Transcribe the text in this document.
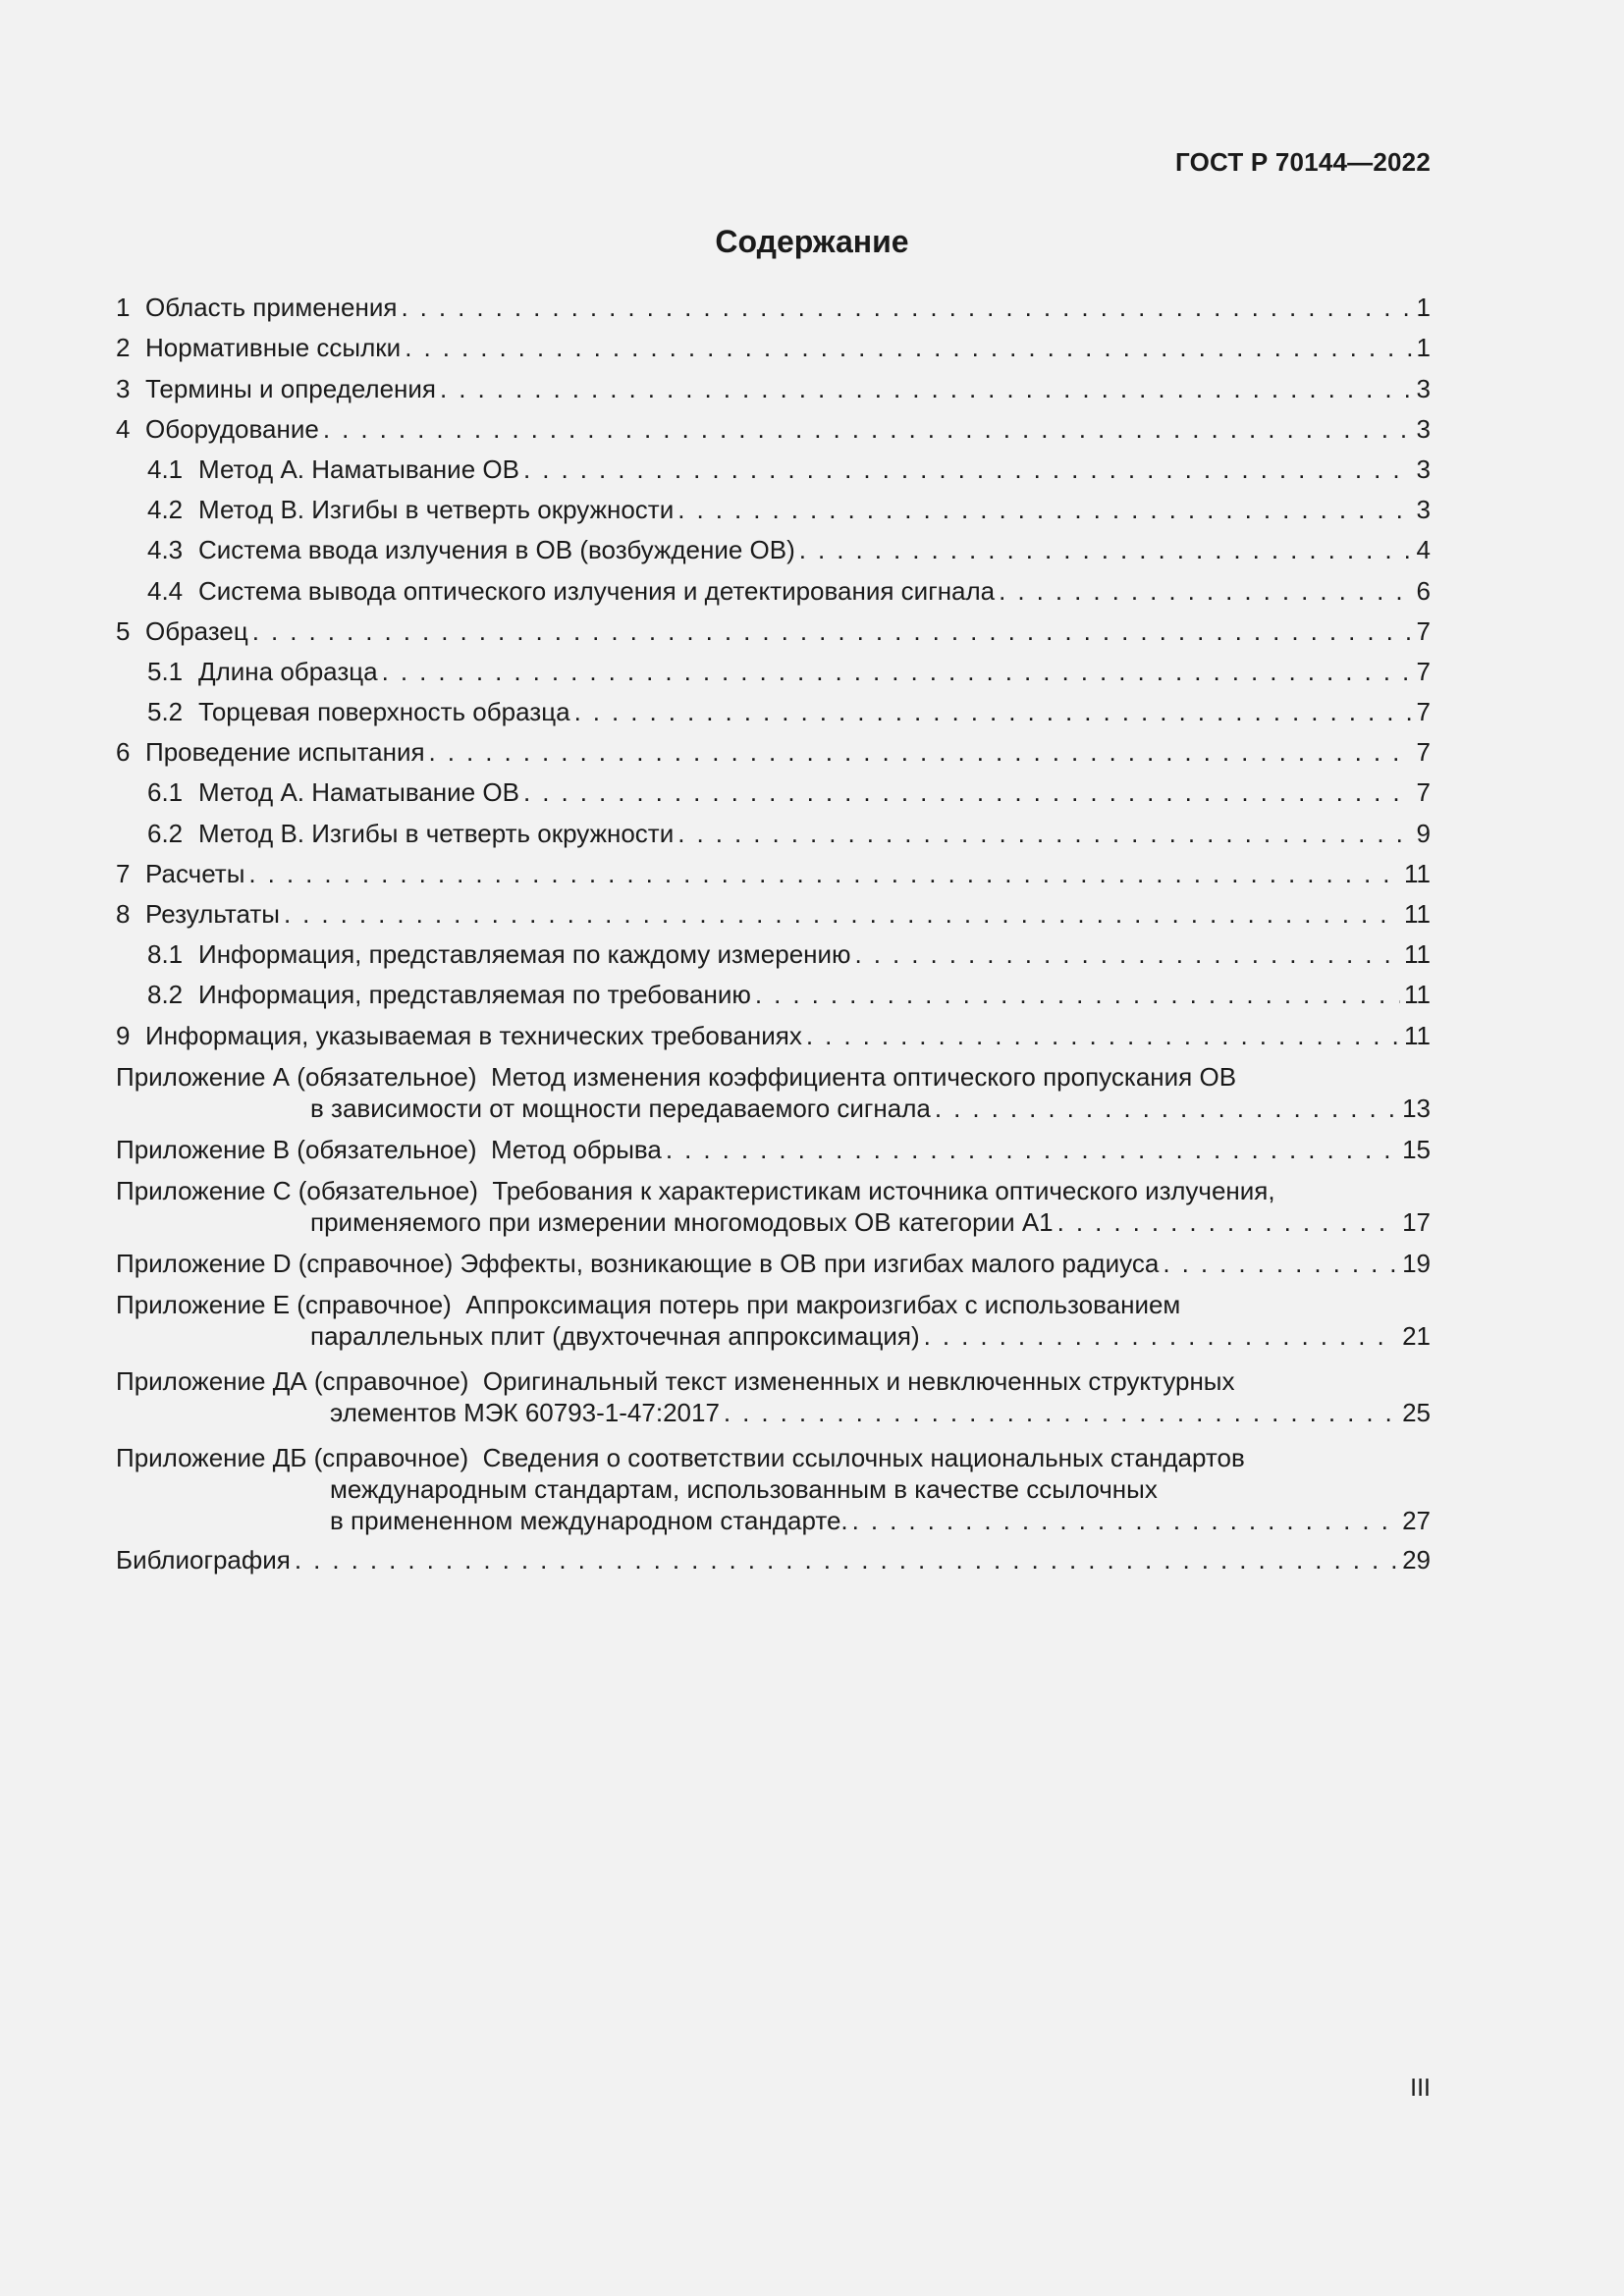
ГОСТ Р 70144—2022
Содержание
1 Область применения . . .	1
2 Нормативные ссылки . . .	1
3 Термины и определения . . .	3
4 Оборудование . . .	3
4.1 Метод А. Наматывание ОВ . . .	3
4.2 Метод В. Изгибы в четверть окружности . . .	3
4.3 Система ввода излучения в ОВ (возбуждение ОВ) . . .	4
4.4 Система вывода оптического излучения и детектирования сигнала . . .	6
5 Образец . . .	7
5.1 Длина образца . . .	7
5.2 Торцевая поверхность образца . . .	7
6 Проведение испытания . . .	7
6.1 Метод А. Наматывание ОВ . . .	7
6.2 Метод В. Изгибы в четверть окружности . . .	9
7 Расчеты . . .	11
8 Результаты . . .	11
8.1 Информация, представляемая по каждому измерению . . .	11
8.2 Информация, представляемая по требованию . . .	11
9 Информация, указываемая в технических требованиях . . .	11
Приложение А (обязательное) Метод изменения коэффициента оптического пропускания ОВ
в зависимости от мощности передаваемого сигнала . . .	13
Приложение В (обязательное)
Метод обрыва . . .	15
Приложение С (обязательное) Требования к характеристикам источника оптического излучения,
применяемого при измерении многомодовых ОВ категории А1 . . .	17
Приложение D (справочное)
Эффекты, возникающие в ОВ при изгибах малого радиуса . . .	19
Приложение Е (справочное) Аппроксимация потерь при макроизгибах с использованием
параллельных плит (двухточечная аппроксимация) . . .	21
Приложение ДА (справочное) Оригинальный текст измененных и невключенных структурных
элементов МЭК 60793-1-47:2017 . . .	25
Приложение ДБ (справочное) Сведения о соответствии ссылочных национальных стандартов
международным стандартам, использованным в качестве ссылочных
в примененном международном стандарте. . . .	27
Библиография . . .	29
III
